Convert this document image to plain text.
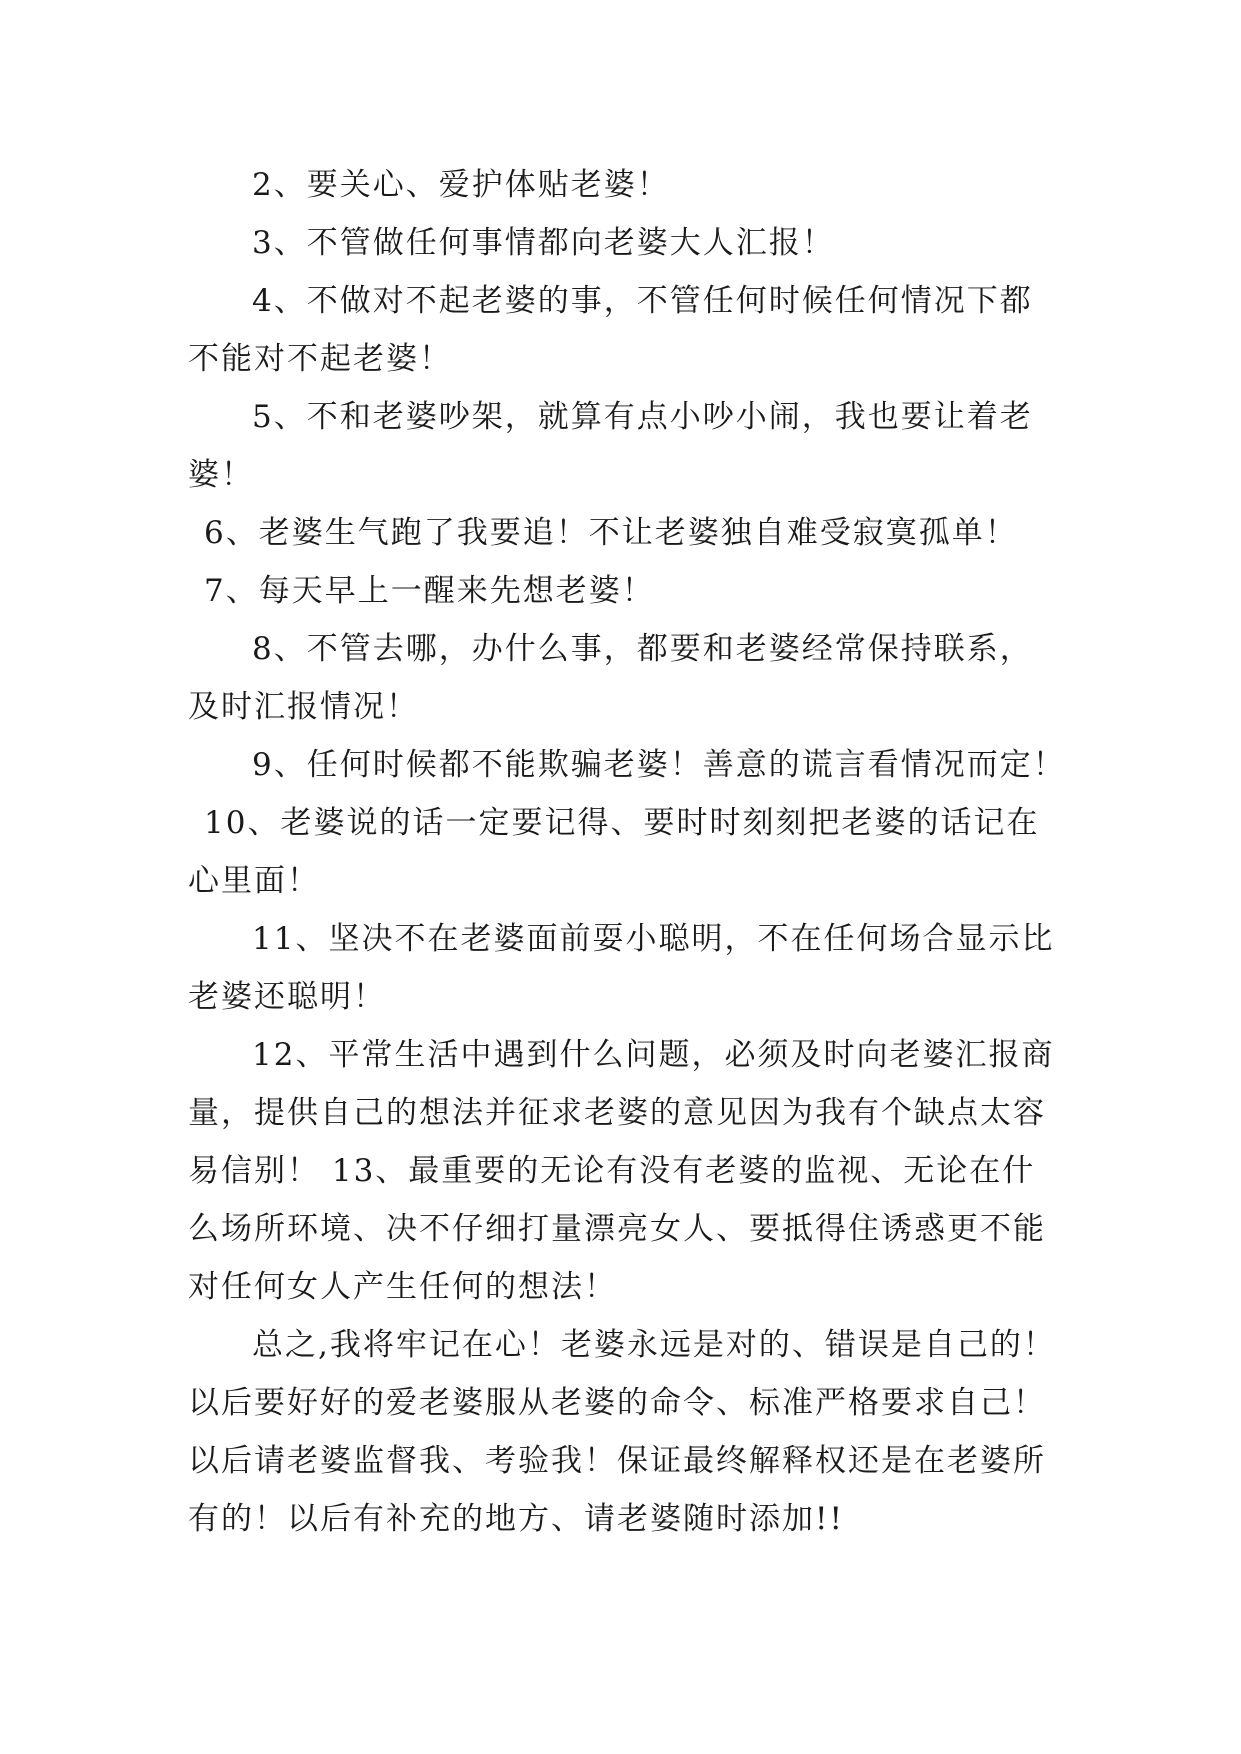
2、要关心、爱护体贴老婆！
3、不管做任何事情都向老婆大人汇报！
4、不做对不起老婆的事，不管任何时候任何情况下都
不能对不起老婆！
5、不和老婆吵架，就算有点小吵小闹，我也要让着老
婆！
6、老婆生气跑了我要追！不让老婆独自难受寂寞孤单！
7、每天早上一醒来先想老婆！
8、不管去哪，办什么事，都要和老婆经常保持联系，
及时汇报情况！
9、任何时候都不能欺骗老婆！善意的谎言看情况而定！
10、老婆说的话一定要记得、要时时刻刻把老婆的话记在
心里面！
11、坚决不在老婆面前耍小聪明，不在任何场合显示比
老婆还聪明！
12、平常生活中遇到什么问题，必须及时向老婆汇报商
量，提供自己的想法并征求老婆的意见因为我有个缺点太容
易信别！ 13、最重要的无论有没有老婆的监视、无论在什
么场所环境、决不仔细打量漂亮女人、要抵得住诱惑更不能
对任何女人产生任何的想法！
总之,我将牢记在心！老婆永远是对的、错误是自己的！
以后要好好的爱老婆服从老婆的命令、标准严格要求自己！
以后请老婆监督我、考验我！保证最终解释权还是在老婆所
有的！以后有补充的地方、请老婆随时添加!!
